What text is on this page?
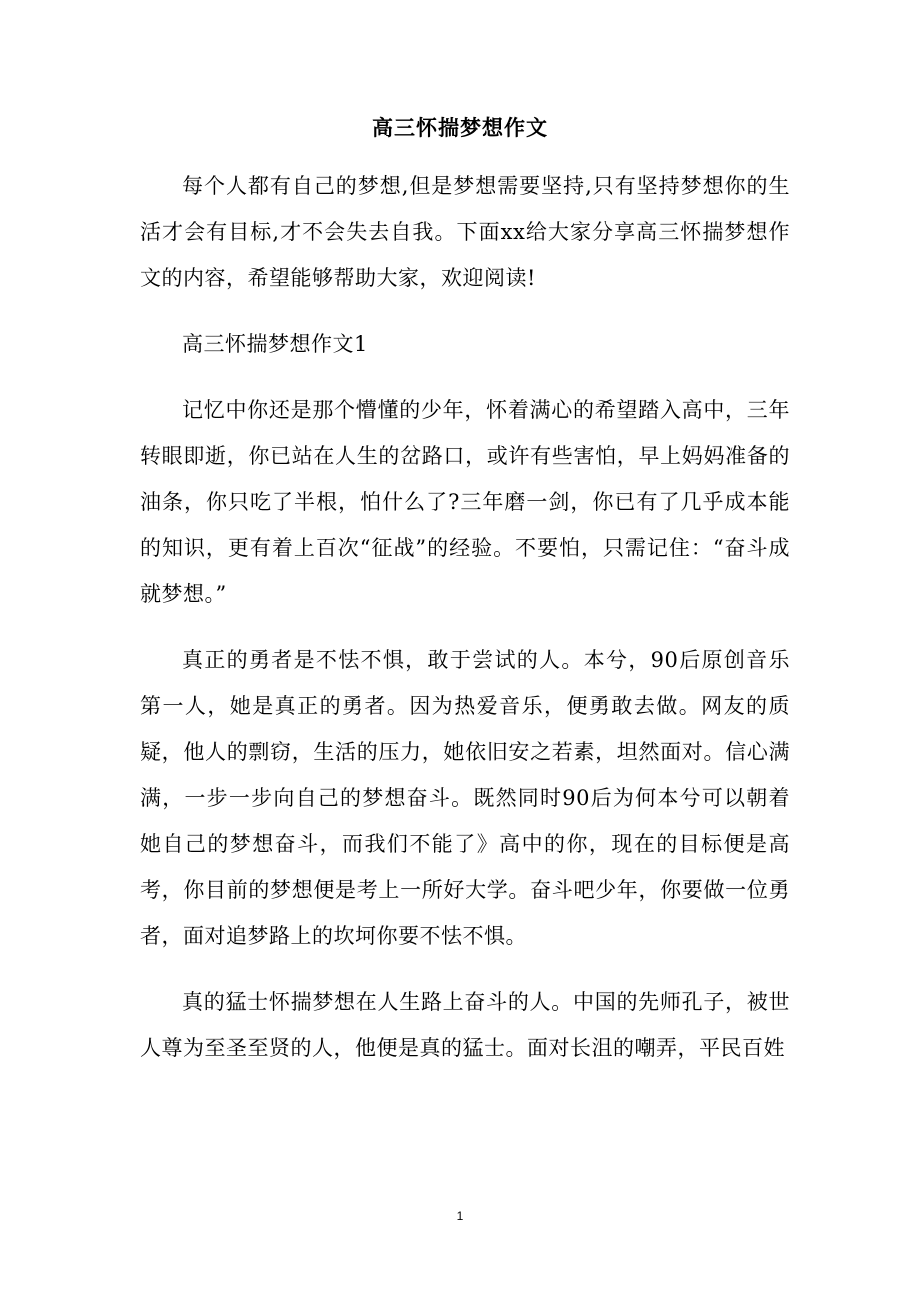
高三怀揣梦想作文

每个人都有自己的梦想,但是梦想需要坚持,只有坚持梦想你的生活才会有目标,才不会失去自我。下面xx给大家分享高三怀揣梦想作文的内容，希望能够帮助大家，欢迎阅读!

高三怀揣梦想作文1

记忆中你还是那个懵懂的少年，怀着满心的希望踏入高中，三年转眼即逝，你已站在人生的岔路口，或许有些害怕，早上妈妈准备的油条，你只吃了半根，怕什么了?三年磨一剑，你已有了几乎成本能的知识，更有着上百次“征战”的经验。不要怕，只需记住：“奋斗成就梦想。”

真正的勇者是不怯不惧，敢于尝试的人。本兮，90后原创音乐第一人，她是真正的勇者。因为热爱音乐，便勇敢去做。网友的质疑，他人的剽窃，生活的压力，她依旧安之若素，坦然面对。信心满满，一步一步向自己的梦想奋斗。既然同时90后为何本兮可以朝着她自己的梦想奋斗，而我们不能了》高中的你，现在的目标便是高考，你目前的梦想便是考上一所好大学。奋斗吧少年，你要做一位勇者，面对追梦路上的坎坷你要不怯不惧。

真的猛士怀揣梦想在人生路上奋斗的人。中国的先师孔子，被世人尊为至圣至贤的人，他便是真的猛士。面对长沮的嘲弄，平民百姓

1
